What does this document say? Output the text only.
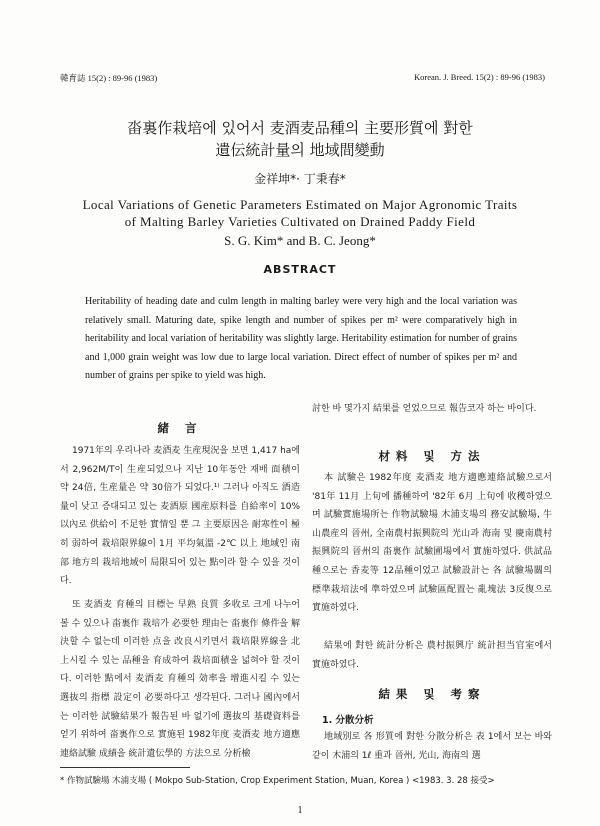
韓育誌 15(2) : 89-96 (1983)	Korean. J. Breed. 15(2) : 89-96 (1983)
畓裏作栽培에 있어서 麦酒麦品種의 主要形質에 對한
遺伝統計量의 地域間變動
金祥坤*· 丁秉春*
Local Variations of Genetic Parameters Estimated on Major Agronomic Traits
of Malting Barley Varieties Cultivated on Drained Paddy Field
S. G. Kim* and B. C. Jeong*
ABSTRACT
Heritability of heading date and culm length in malting barley were very high and the local variation was relatively small. Maturing date, spike length and number of spikes per m² were comparatively high in heritability and local variation of heritability was slightly large. Heritability estimation for number of grains and 1,000 grain weight was low due to large local variation. Direct effect of number of spikes per m² and number of grains per spike to yield was high.
緒 言
1971年의 우리나라 麦酒麦 生産現況을 보면 1,417 ha에서 2,962M/T이 生産되었으나 지난 10年동안 재배 面積이 약 24倍, 生産量은 약 30倍가 되었다.¹⁾ 그러나 아직도 酒造量이 낮고 증대되고 있는 麦酒原 國産原料를 自給率이 10%以內로 供給이 不足한 實情일 뿐 그 主要原因은 耐寒性이 極히 弱하여 栽培限界線이 1月 平均氣溫 -2℃ 以上 地域인 南部 地方의 栽培地域이 局限되어 있는 點이라 할 수 있을 것이다.
또 麦酒麦 育種의 目標는 早熟 良質 多收로 크게 나누어 볼 수 있으나 畓裏作 栽培가 必要한 理由는 畓裏作 條件을 解決할 수 없는데 이러한 点을 改良시키면서 栽培限界線을 北上시킬 수 있는 品種을 育成하여 栽培面積을 넓혀야 할 것이다. 이러한 點에서 麦酒麦 育種의 効率을 增進시킬 수 있는 選抜의 指標 設定이 必要하다고 생각된다. 그러나 國內에서는 이러한 試驗結果가 報告된 바 없기에 選抜의 基礎資料를 얻기 위하여 畓裏作으로 實施된 1982年度 麦酒麦 地方適應連絡試驗 成績을 統計遺伝學的 方法으로 分析檢
討한 바 몇가지 結果를 얻었으므로 報告코자 하는 바이다.
材料 및 方法
本 試驗은 1982年度 麦酒麦 地方適應連絡試驗으로서 '81年 11月 上旬에 播種하여 '82年 6月 上旬에 收穫하였으며 試驗實施場所는 作物試驗場 木浦支場의 務安試驗場, 牛山農産의 晉州, 全南農村振興院의 光山과 海南 및 慶南農村振興院의 晉州의 畓裏作 試驗圃場에서 實施하였다. 供試品種으로는 香麦等 12品種이었고 試驗設計는 各 試驗場關의 標準栽培法에 準하였으며 試驗區配置는 亂塊法 3反復으로 實施하였다.
結果에 對한 統計分析은 農村振興庁 統計担当官室에서 實施하였다.
結果 및 考察
1. 分散分析
地域別로 各 形質에 對한 分散分析은 表 1에서 보는 바와 같이 木浦의 1ℓ 重과 晉州, 光山, 海南의 選
* 作物試驗場 木浦支場 ( Mokpo Sub-Station, Crop Experiment Station, Muan, Korea ) <1983. 3. 28 接受>
1
